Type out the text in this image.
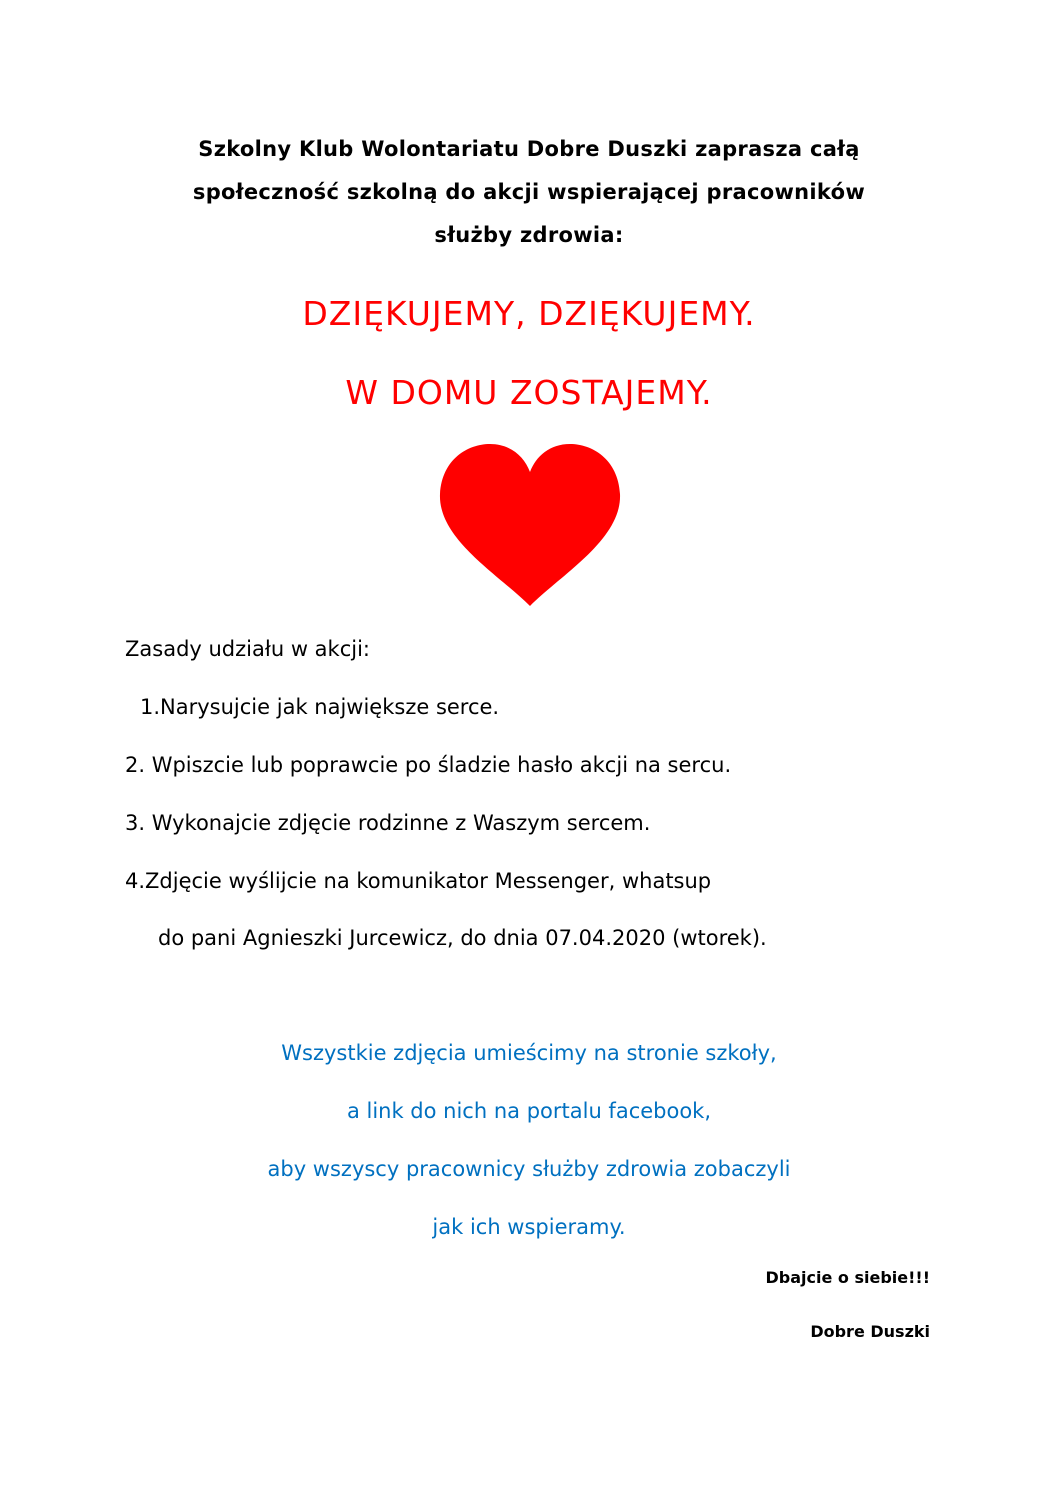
Szkolny Klub Wolontariatu Dobre Duszki zaprasza całą
społeczność szkolną do akcji wspierającej pracowników
służby zdrowia:
DZIĘKUJEMY, DZIĘKUJEMY.
W DOMU ZOSTAJEMY.
Zasady udziału w akcji:
1.Narysujcie jak największe serce.
2. Wpiszcie lub poprawcie po śladzie hasło akcji na sercu.
3. Wykonajcie zdjęcie rodzinne z Waszym sercem.
4.Zdjęcie wyślijcie na komunikator Messenger, whatsup
do pani Agnieszki Jurcewicz, do dnia 07.04.2020 (wtorek).
Wszystkie zdjęcia umieścimy na stronie szkoły,
a link do nich na portalu facebook,
aby wszyscy pracownicy służby zdrowia zobaczyli
jak ich wspieramy.
Dbajcie o siebie!!!
Dobre Duszki
